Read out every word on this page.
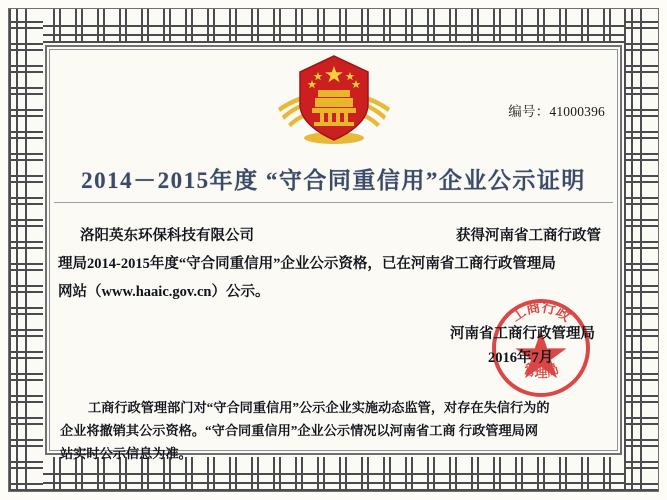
编号：41000396
2014－2015年度 “守合同重信用”企业公示证明
洛阳英东环保科技有限公司	获得河南省工商行政管
理局2014-2015年度“守合同重信用”企业公示资格，已在河南省工商行政管理局
网站（www.haaic.gov.cn）公示。
工商行政
管理局
河南省工商行政管理局
2016年7月
工商行政管理部门对“守合同重信用”公示企业实施动态监管，对存在失信行为的
企业将撤销其公示资格。“守合同重信用”企业公示情况以河南省工商 行政管理局网
站实时公示信息为准。
